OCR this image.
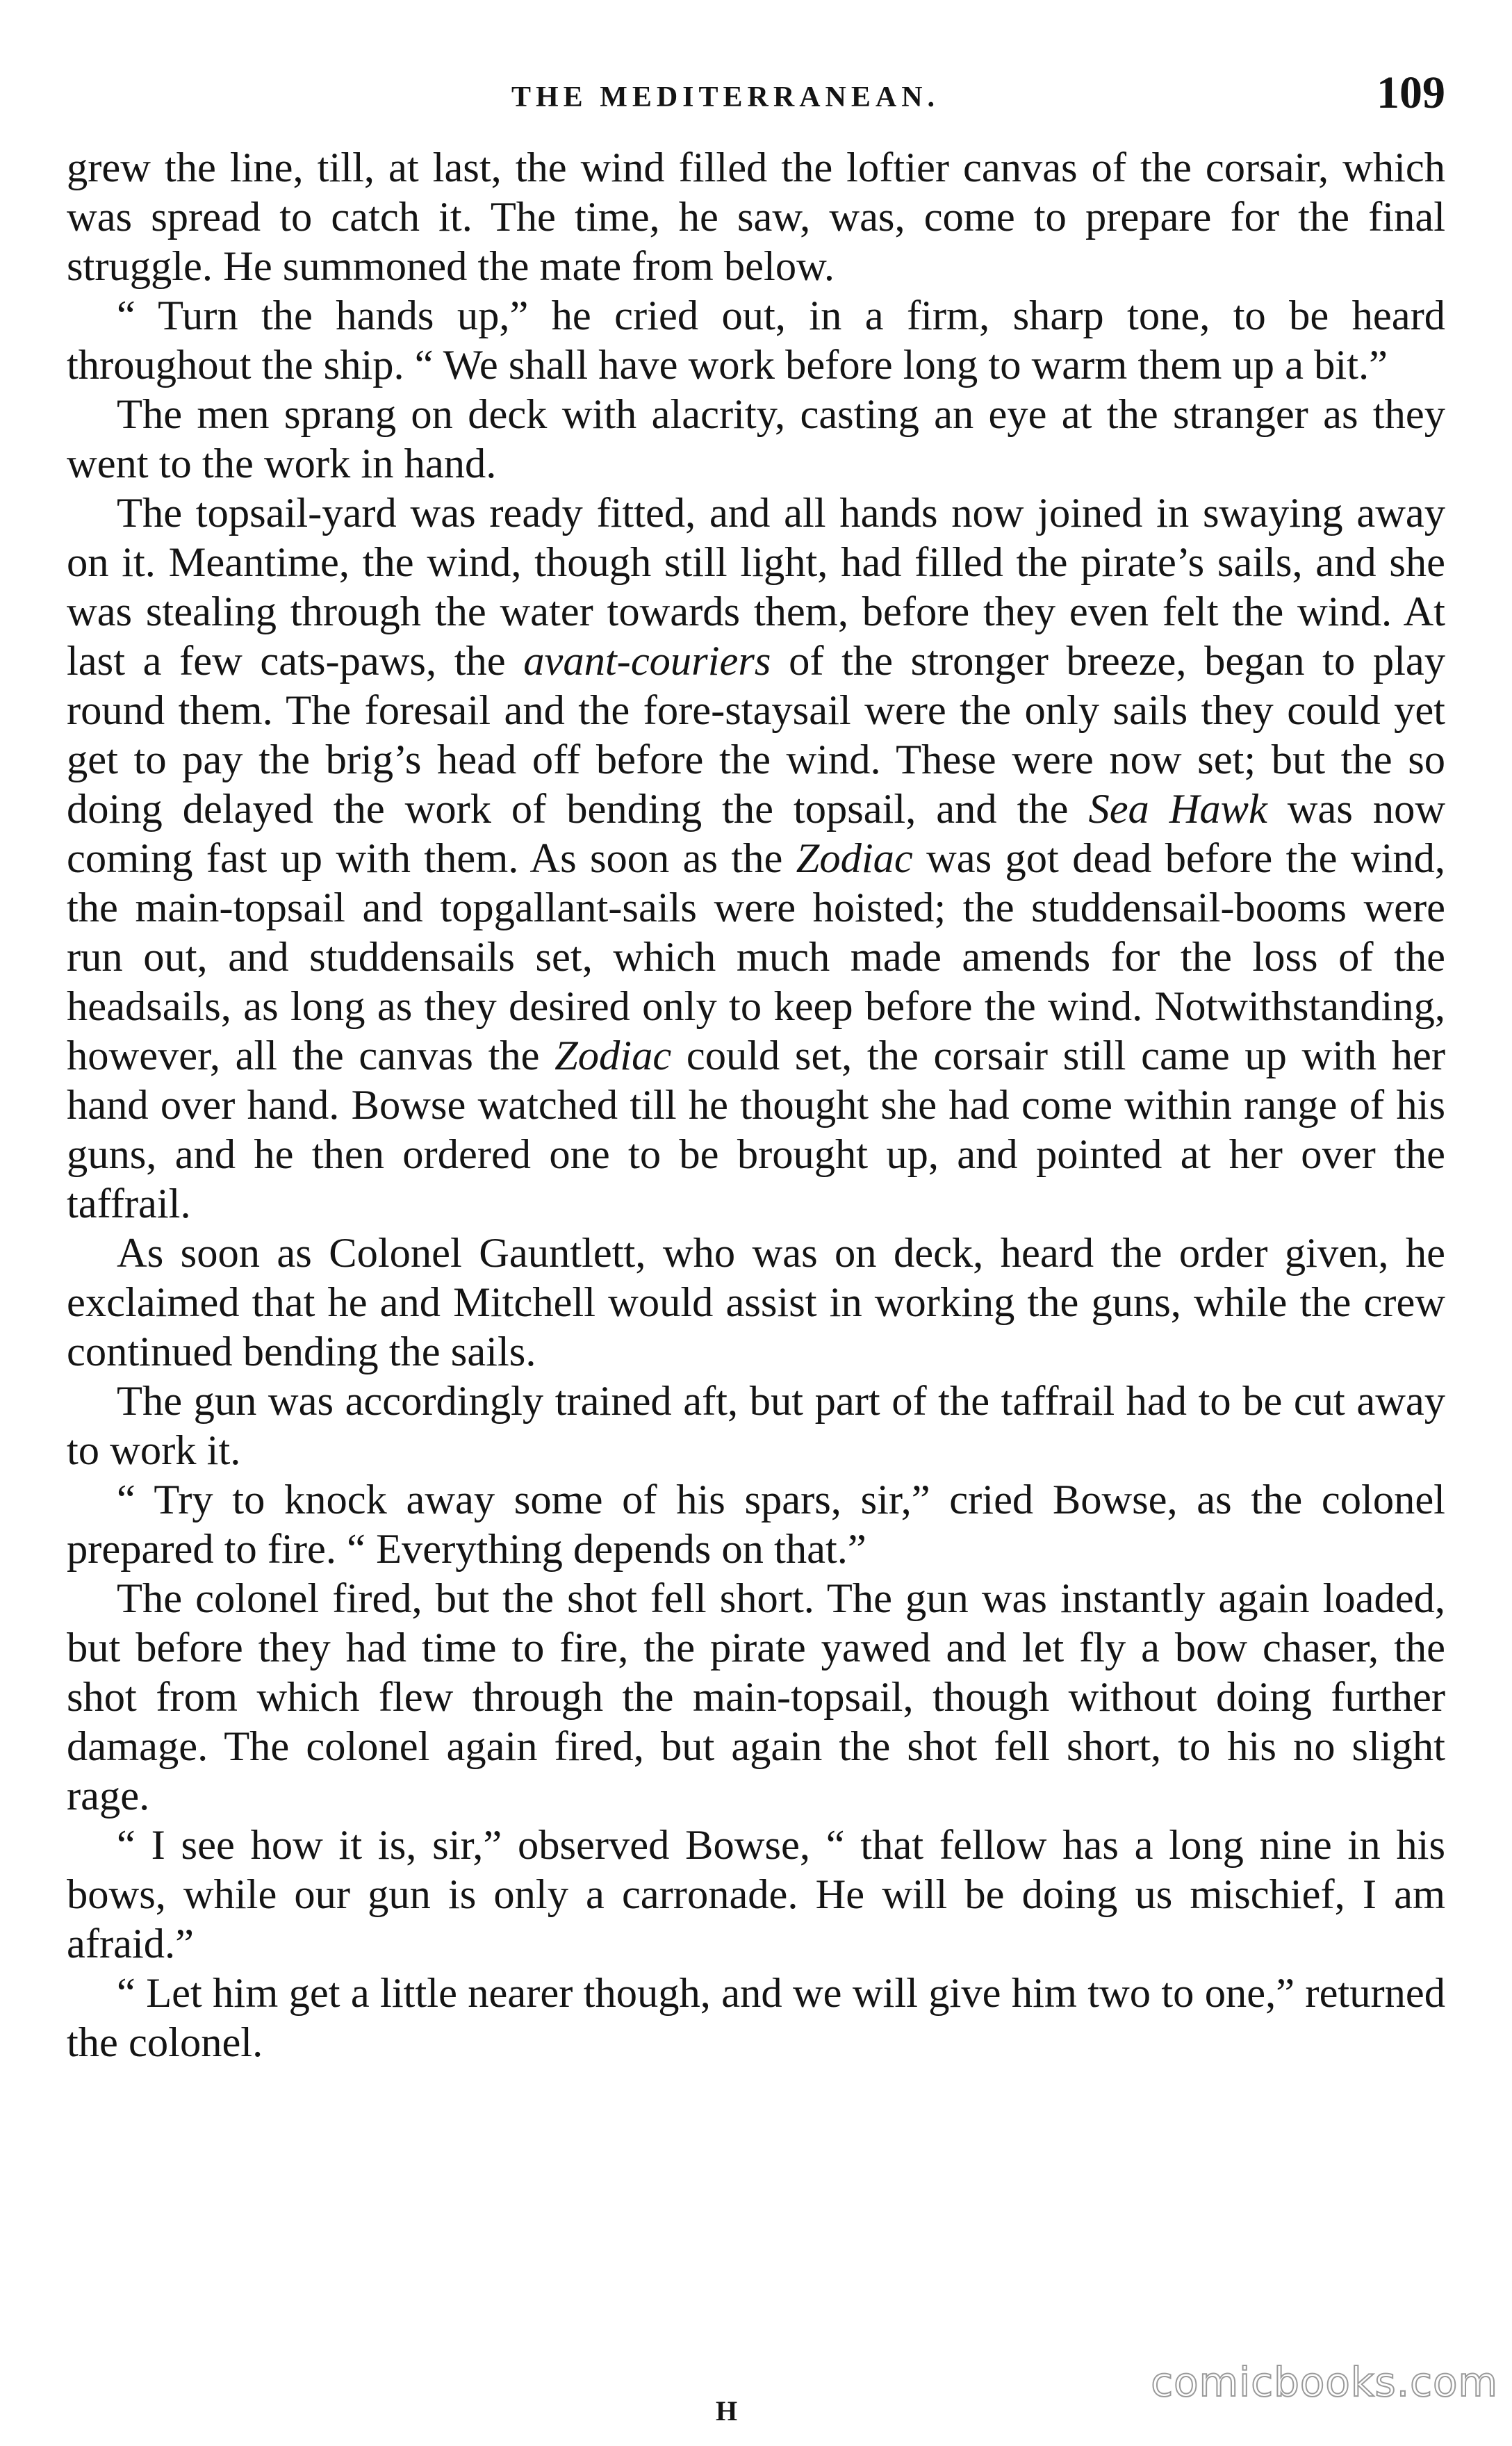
THE MEDITERRANEAN.	109

grew the line, till, at last, the wind filled the loftier canvas of the corsair, which was spread to catch it. The time, he saw, was, come to prepare for the final struggle. He summoned the mate from below.

“ Turn the hands up,” he cried out, in a firm, sharp tone, to be heard throughout the ship. “ We shall have work before long to warm them up a bit.”

The men sprang on deck with alacrity, casting an eye at the stranger as they went to the work in hand.

The topsail-yard was ready fitted, and all hands now joined in swaying away on it. Meantime, the wind, though still light, had filled the pirate’s sails, and she was stealing through the water towards them, before they even felt the wind. At last a few cats-paws, the avant-couriers of the stronger breeze, began to play round them. The foresail and the fore-staysail were the only sails they could yet get to pay the brig’s head off before the wind. These were now set; but the so doing delayed the work of bending the topsail, and the Sea Hawk was now coming fast up with them. As soon as the Zodiac was got dead before the wind, the main-topsail and topgallant-sails were hoisted; the studdensail-booms were run out, and studdensails set, which much made amends for the loss of the headsails, as long as they desired only to keep before the wind. Notwithstanding, however, all the canvas the Zodiac could set, the corsair still came up with her hand over hand. Bowse watched till he thought she had come within range of his guns, and he then ordered one to be brought up, and pointed at her over the taffrail.

As soon as Colonel Gauntlett, who was on deck, heard the order given, he exclaimed that he and Mitchell would assist in working the guns, while the crew continued bending the sails.

The gun was accordingly trained aft, but part of the taffrail had to be cut away to work it.

“ Try to knock away some of his spars, sir,” cried Bowse, as the colonel prepared to fire. “ Everything depends on that.”

The colonel fired, but the shot fell short. The gun was instantly again loaded, but before they had time to fire, the pirate yawed and let fly a bow chaser, the shot from which flew through the main-topsail, though without doing further damage. The colonel again fired, but again the shot fell short, to his no slight rage.

“ I see how it is, sir,” observed Bowse, “ that fellow has a long nine in his bows, while our gun is only a carronade. He will be doing us mischief, I am afraid.”

“ Let him get a little nearer though, and we will give him two to one,” returned the colonel.

H
comicbooks.com
